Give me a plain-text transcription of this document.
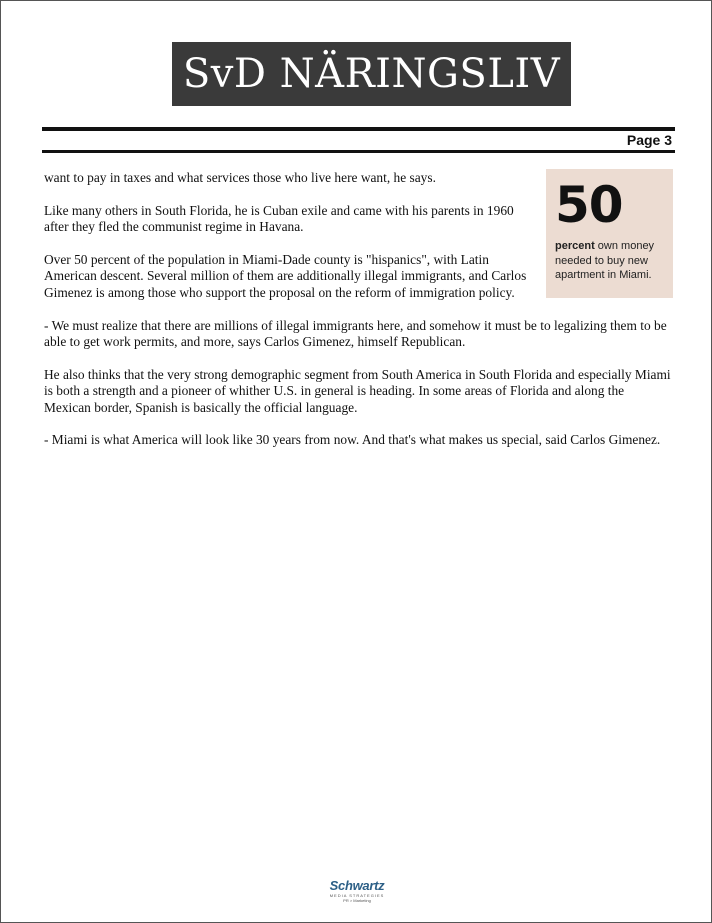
SvD NÄRINGSLIV
Page 3

want to pay in taxes and what services those who live here want, he says.

Like many others in South Florida, he is Cuban exile and came with his parents in 1960 after they fled the communist regime in Havana.

Over 50 percent of the population in Miami-Dade county is "hispanics", with Latin American descent. Several million of them are additionally illegal immigrants, and Carlos Gimenez is among those who support the proposal on the reform of immigration policy.

- We must realize that there are millions of illegal immigrants here, and somehow it must be to legalizing them to be able to get work permits, and more, says Carlos Gimenez, himself Republican.

He also thinks that the very strong demographic segment from South America in South Florida and especially Miami is both a strength and a pioneer of whither U.S. in general is heading. In some areas of Florida and along the Mexican border, Spanish is basically the official language.

- Miami is what America will look like 30 years from now. And that's what makes us special, said Carlos Gimenez.

50
percent own money needed to buy new apartment in Miami.
Schwartz
MEDIA STRATEGIES
PR > Marketing
